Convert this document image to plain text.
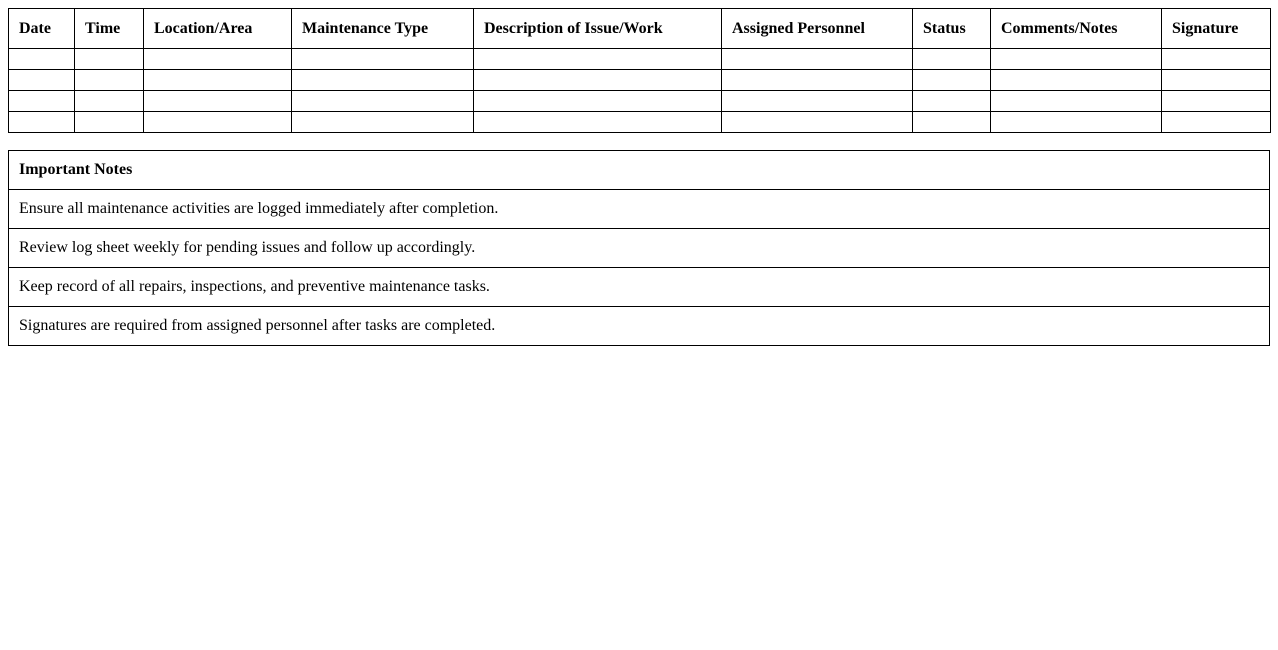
Date	Time	Location/Area	Maintenance Type	Description of Issue/Work	Assigned Personnel	Status	Comments/Notes	Signature

Important Notes
Ensure all maintenance activities are logged immediately after completion.
Review log sheet weekly for pending issues and follow up accordingly.
Keep record of all repairs, inspections, and preventive maintenance tasks.
Signatures are required from assigned personnel after tasks are completed.
